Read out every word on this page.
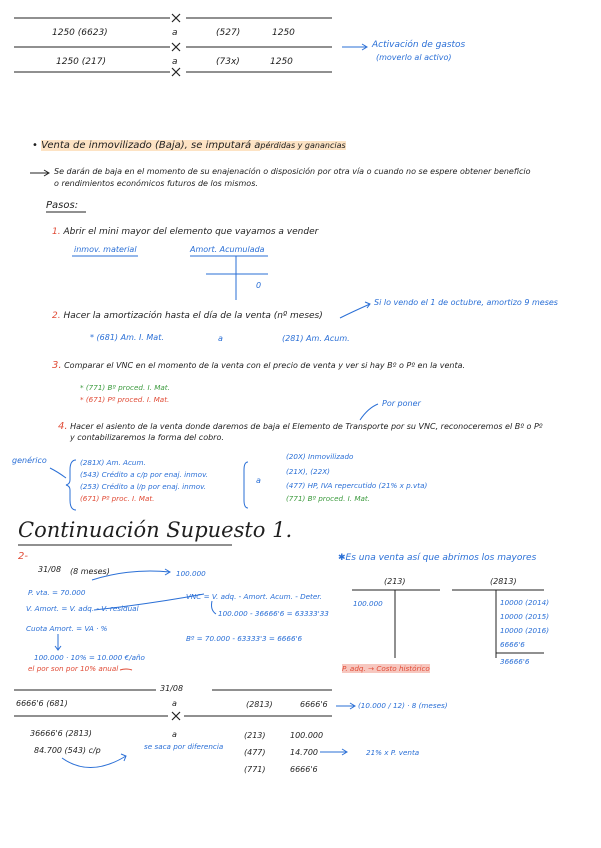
1250 (6623)	a	(527)	1250
1250 (217)	a	(73x)	1250
Activación de gastos
(moverlo al activo)
• Venta de inmovilizado (Baja), se imputará apérdidas y ganancias
Se darán de baja en el momento de su enajenación o disposición por otra vía o cuando no se espere obtener beneficio
o rendimientos económicos futuros de los mismos.
Pasos:
1. Abrir el mini mayor del elemento que vayamos a vender
inmov. material	Amort. Acumulada
0
2. Hacer la amortización hasta el día de la venta (nº meses)
Si lo vendo el 1 de octubre, amortizo 9 meses
* (681) Am. I. Mat.	a	(281) Am. Acum.
3. Comparar el VNC en el momento de la venta con el precio de venta y ver si hay Bº o Pº en la venta.
* (771) Bº proced. I. Mat.
* (671) Pº proced. I. Mat.	Por poner
4. Hacer el asiento de la venta donde daremos de baja el Elemento de Transporte por su VNC, reconoceremos el Bº o Pº
y contabilizaremos la forma del cobro.
genérico	(281X) Am. Acum.
(543) Crédito a c/p por enaj. inmov.
(253) Crédito a l/p por enaj. inmov.
(671) Pº proc. I. Mat.
a
(20X) Inmovilizado
(21X), (22X)
(477) HP, IVA repercutido (21% x p.vta)
(771) Bº proced. I. Mat.
Continuación Supuesto 1.
2-
31/08 (8 meses)
P. vta. = 70.000
V. Amort. = V. adq. - V. residual
Cuota Amort. = VA · %
100.000 · 10% = 10.000 €/año
el por son por 10% anual
100.000
VNC = V. adq. - Amort. Acum. - Deter.
100.000 - 36666'6 = 63333'33
Bº = 70.000 - 63333'3 = 6666'6
✱Es una venta así que abrimos los mayores
(213)	(2813)
100.000	10000 (2014)
10000 (2015)
10000 (2016)
6666'6
36666'6
P. adq. → Costo histórico
31/08
6666'6 (681)	a	(2813)	6666'6	(10.000 / 12) · 8 (meses)
36666'6 (2813)
84.700 (543) c/p
a
se saca por diferencia
(213)	100.000
(477)	14.700
(771)	6666'6
21% x P. venta
